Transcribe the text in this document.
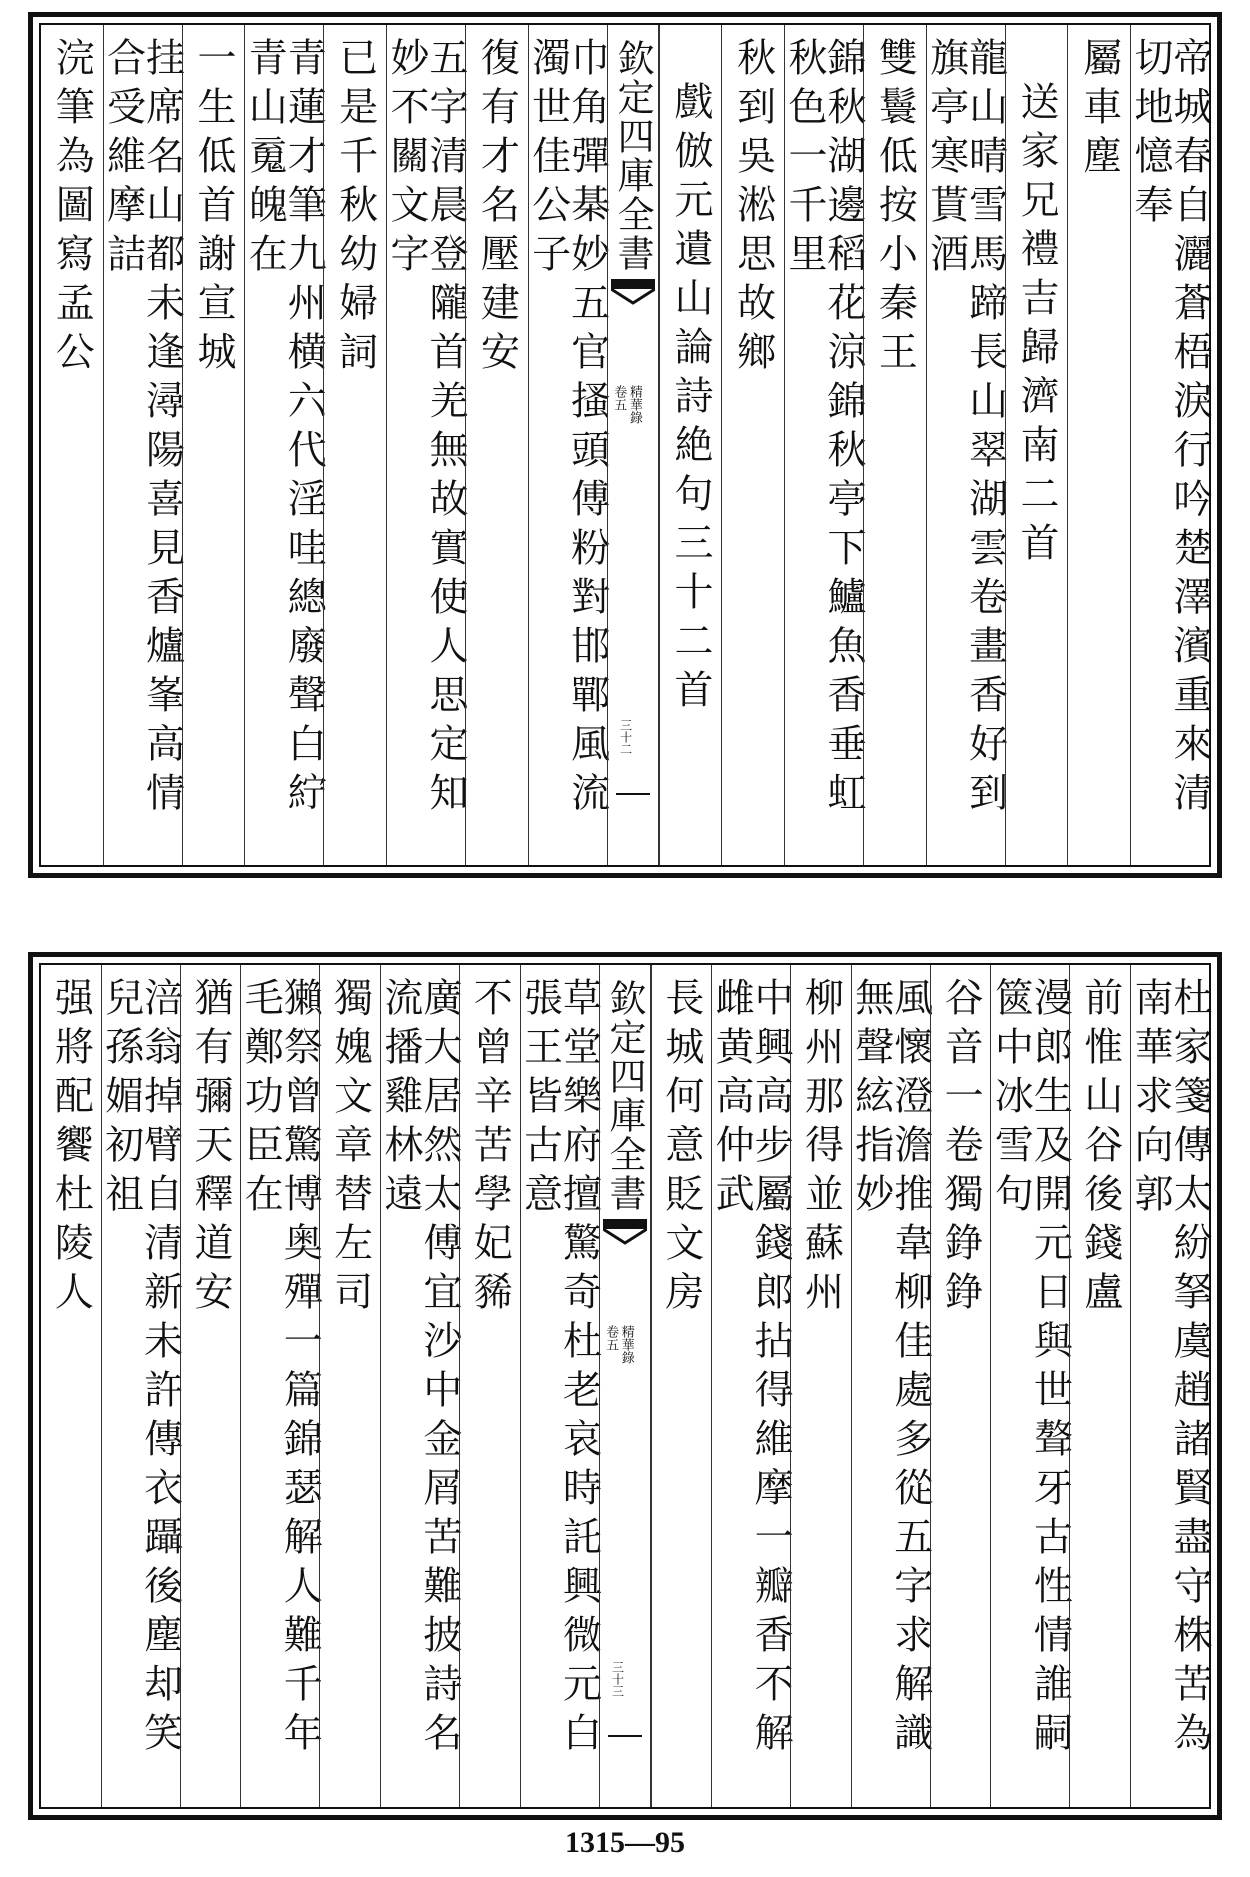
帝城春自灑蒼梧淚行吟楚澤濱重來清切地憶奉
屬車塵
送家兄禮吉歸濟南二首
龍山晴雪馬蹄長山翠湖雲卷畫香好到旗亭寒貰酒
雙鬟低按小秦王
錦秋湖邊稻花涼錦秋亭下鱸魚香垂虹秋色一千里
秋到吳淞思故鄉
戲倣元遺山論詩絶句三十二首
欽定四庫全書
精華錄
卷五
三十二
巾角彈棊妙五官搔頭傅粉對邯鄲風流濁世佳公子
復有才名壓建安
五字清晨登隴首羌無故實使人思定知妙不關文字
已是千秋幼婦詞
青蓮才筆九州横六代淫哇總廢聲白紵青山䰟魄在
一生低首謝宣城
挂席名山都未逢潯陽喜見香爐峯高情合受維摩詰
浣筆為圖寫孟公
杜家箋傳太紛拏虞趙諸賢盡守株苦為南華求向郭
前惟山谷後錢盧
漫郎生及開元日與世聱牙古性情誰嗣篋中冰雪句
谷音一卷獨錚錚
風懷澄澹推韋柳佳處多從五字求解識無聲絃指妙
柳州那得並蘇州
中興高步屬錢郎拈得維摩一瓣香不解雌黄高仲武
長城何意貶文房
欽定四庫全書
精華錄
卷五
三十三
草堂樂府擅驚奇杜老哀時託興微元白張王皆古意
不曾辛苦學妃豨
廣大居然太傅宜沙中金屑苦難披詩名流播雞林遠
獨媿文章替左司
獺祭曾驚博奥殫一篇錦瑟解人難千年毛鄭功臣在
猶有彌天釋道安
涪翁掉臂自清新未許傳衣躡後塵却笑兒孫媚初祖
强將配饗杜陵人
1315—95
